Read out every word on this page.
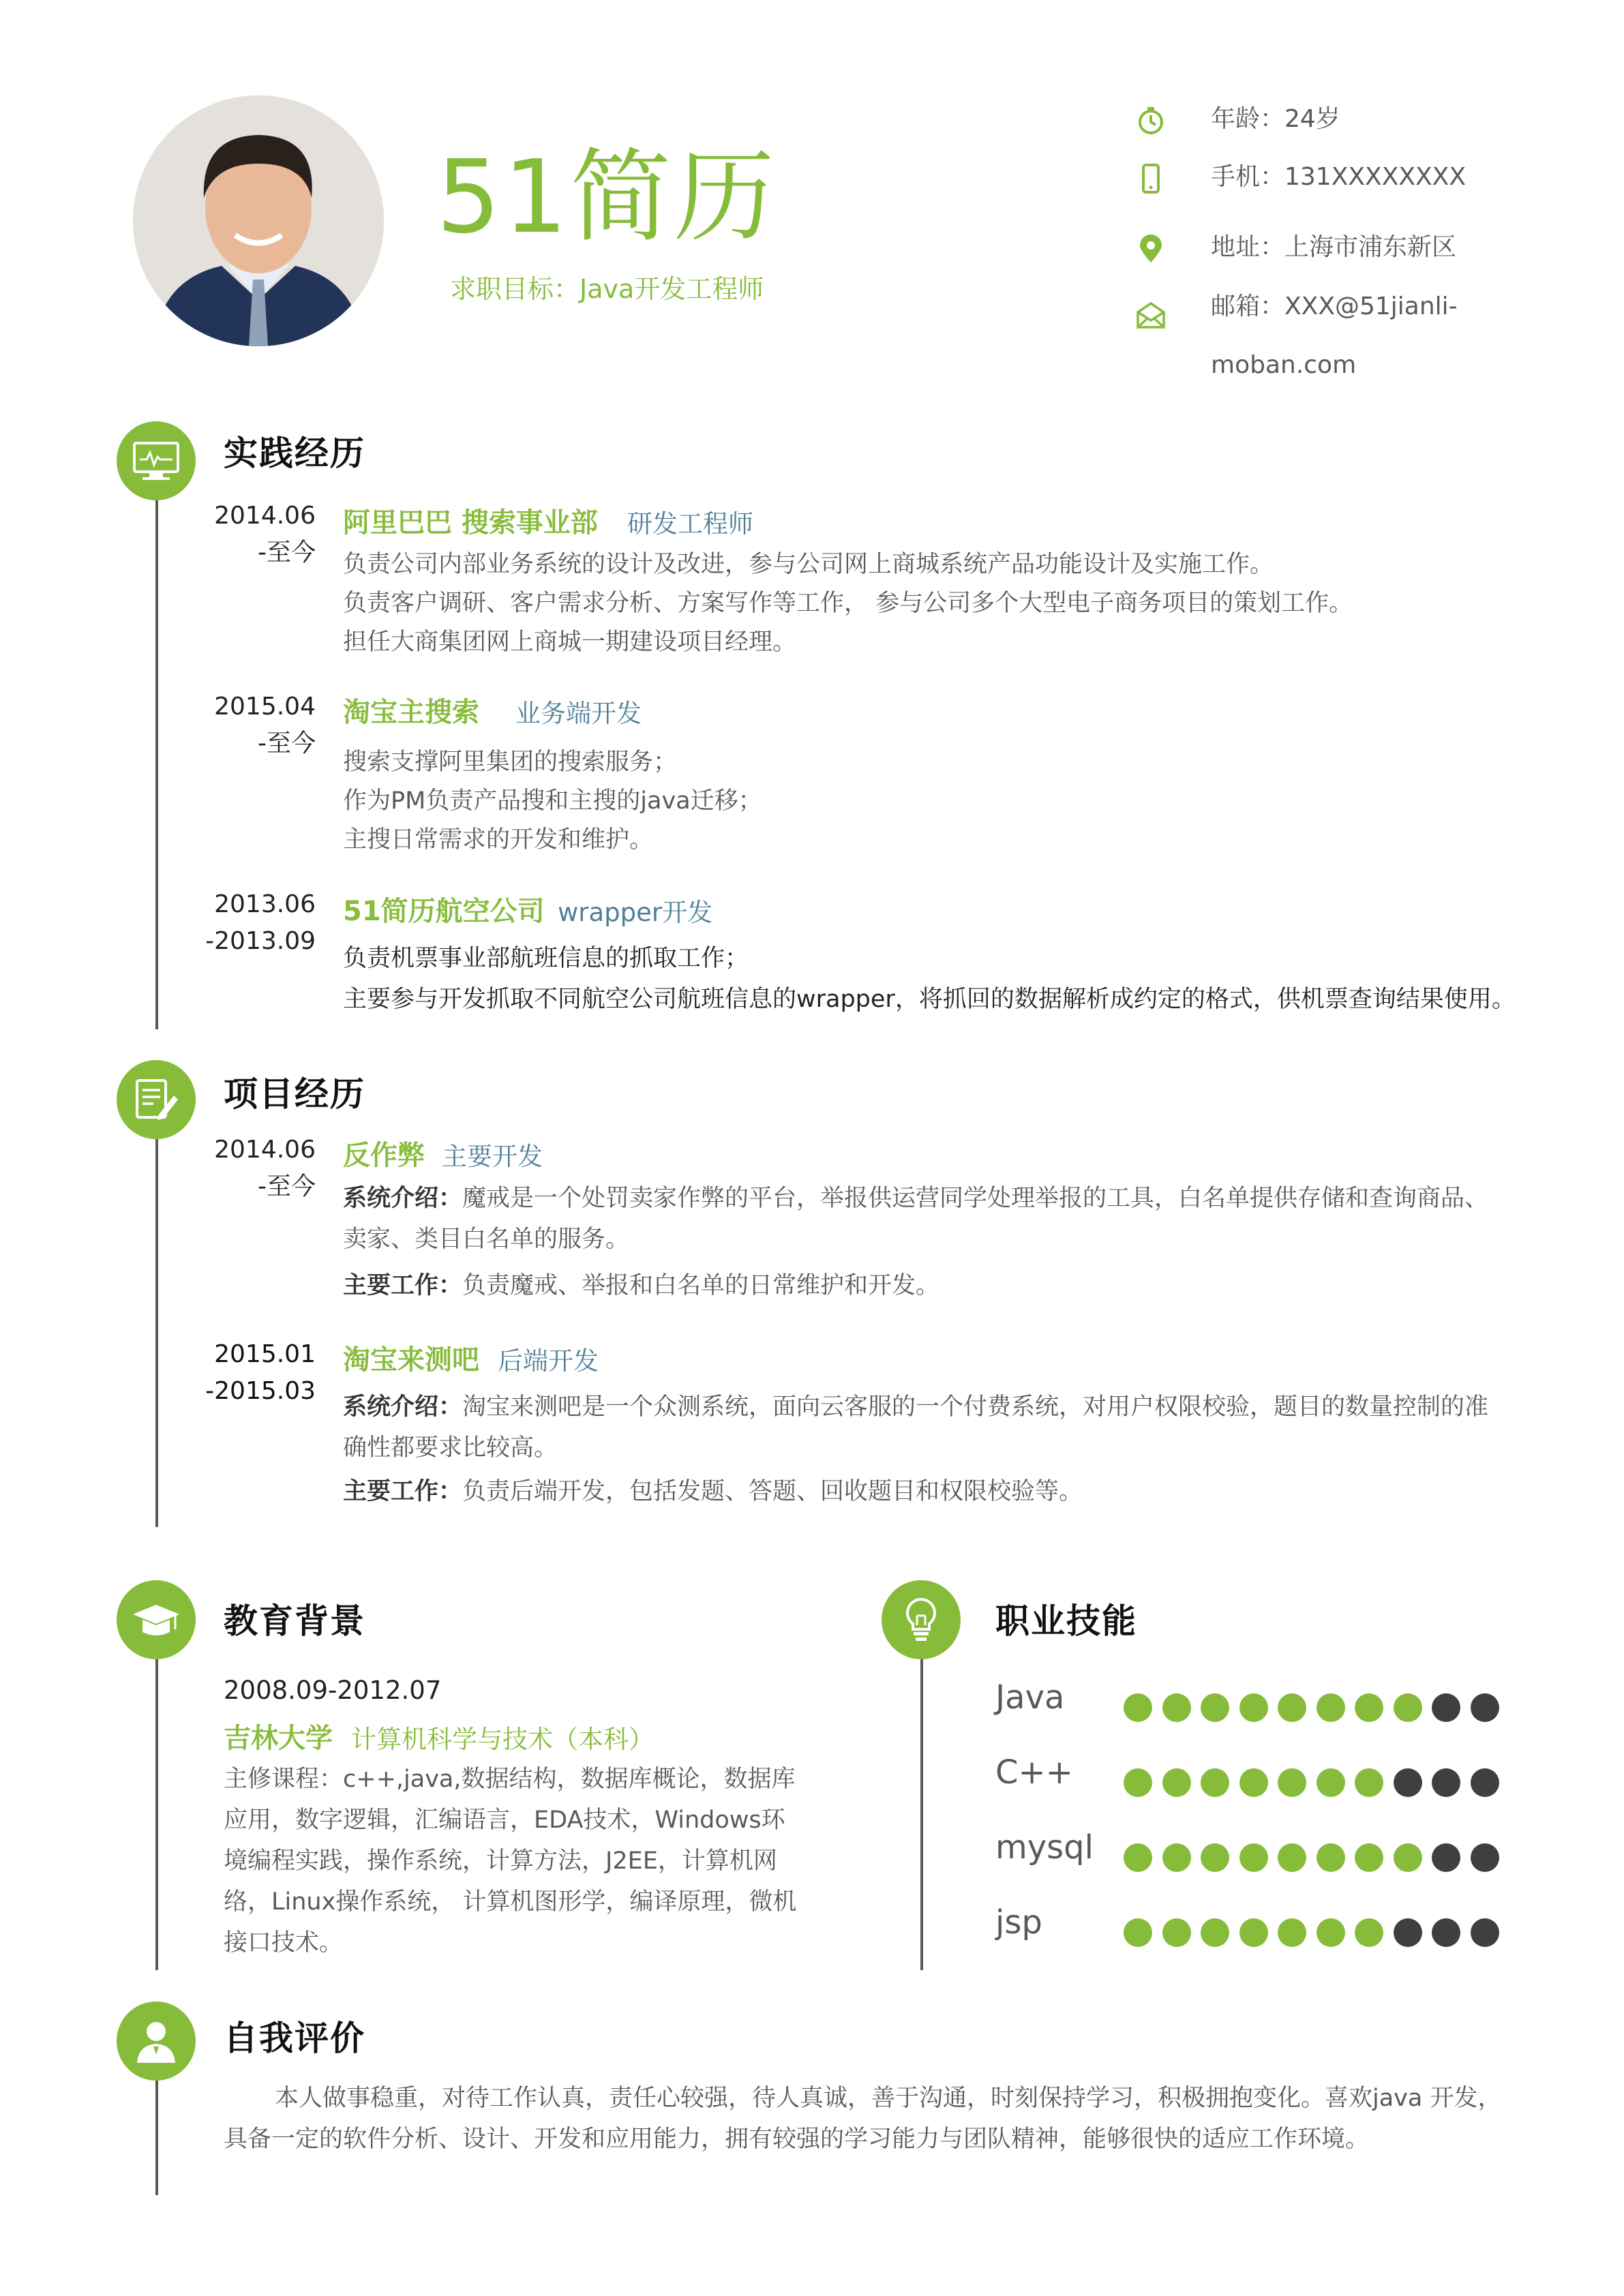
51简历
求职目标：Java开发工程师
年龄：24岁
手机：131XXXXXXXX
地址：上海市浦东新区
邮箱：XXX@51jianli-
moban.com
实践经历
2014.06
-至今
阿里巴巴 搜索事业部 研发工程师
负责公司内部业务系统的设计及改进，参与公司网上商城系统产品功能设计及实施工作。
负责客户调研、客户需求分析、方案写作等工作， 参与公司多个大型电子商务项目的策划工作。
担任大商集团网上商城一期建设项目经理。
2015.04
-至今
淘宝主搜索 业务端开发
搜索支撑阿里集团的搜索服务；
作为PM负责产品搜和主搜的java迁移；
主搜日常需求的开发和维护。
2013.06
-2013.09
51简历航空公司 wrapper开发
负责机票事业部航班信息的抓取工作；
主要参与开发抓取不同航空公司航班信息的wrapper，将抓回的数据解析成约定的格式，供机票查询结果使用。
项目经历
2014.06
-至今
反作弊 主要开发
系统介绍：魔戒是一个处罚卖家作弊的平台，举报供运营同学处理举报的工具，白名单提供存储和查询商品、
卖家、类目白名单的服务。
主要工作：负责魔戒、举报和白名单的日常维护和开发。
2015.01
-2015.03
淘宝来测吧 后端开发
系统介绍：淘宝来测吧是一个众测系统，面向云客服的一个付费系统，对用户权限校验，题目的数量控制的准
确性都要求比较高。
主要工作：负责后端开发，包括发题、答题、回收题目和权限校验等。
教育背景
2008.09-2012.07
吉林大学 计算机科学与技术（本科）
主修课程：c++,java,数据结构，数据库概论，数据库
应用，数字逻辑，汇编语言，EDA技术，Windows环
境编程实践，操作系统，计算方法，J2EE，计算机网
络，Linux操作系统， 计算机图形学，编译原理，微机
接口技术。
职业技能
Java
C++
mysql
jsp
自我评价
本人做事稳重，对待工作认真，责任心较强，待人真诚，善于沟通，时刻保持学习，积极拥抱变化。喜欢java 开发，
具备一定的软件分析、设计、开发和应用能力，拥有较强的学习能力与团队精神，能够很快的适应工作环境。
